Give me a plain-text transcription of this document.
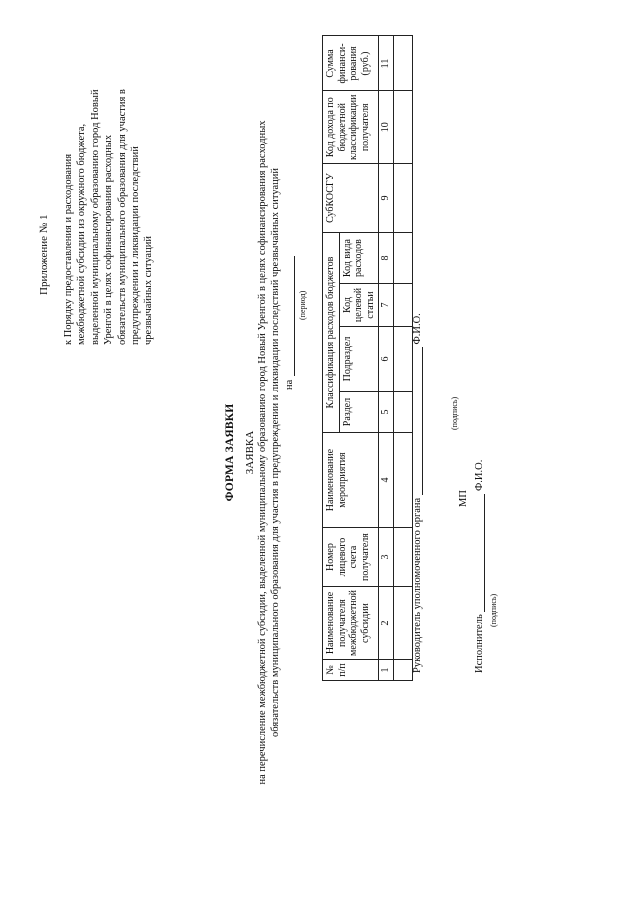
Приложение № 1 к Порядку предоставления и расходования межбюджетной субсидии из окружного бюджета, выделенной муниципальному образованию город Новый Уренгой в целях софинансирования расходных обязательств муниципального образования для участия в предупреждении и ликвидации последствий чрезвычайных ситуаций
ФОРМА ЗАЯВКИ ЗАЯВКА на перечисление межбюджетной субсидии, выделенной муниципальному образованию город Новый Уренгой в целях софинансирования расходных обязательств муниципального образования для участия в предупреждении и ликвидации последствий чрезвычайных ситуаций на
(период)
№ п/п	Наименование получателя межбюджетной субсидии	Номер лицевого счета получателя	Наименование мероприятия	Классификация расходов бюджетов				СубКОСГУ	Код дохода по бюджетной классификации получателя	Сумма финанси-рования (руб.)
				Раздел	Подраздел	Код целевой статьи	Код вида расходов			
1	2	3	4	5	6	7	8	9	10	11

Руководитель уполномоченного органа  Ф.И.О.
(подпись)
МП
Исполнитель  Ф.И.О.
(подпись)
